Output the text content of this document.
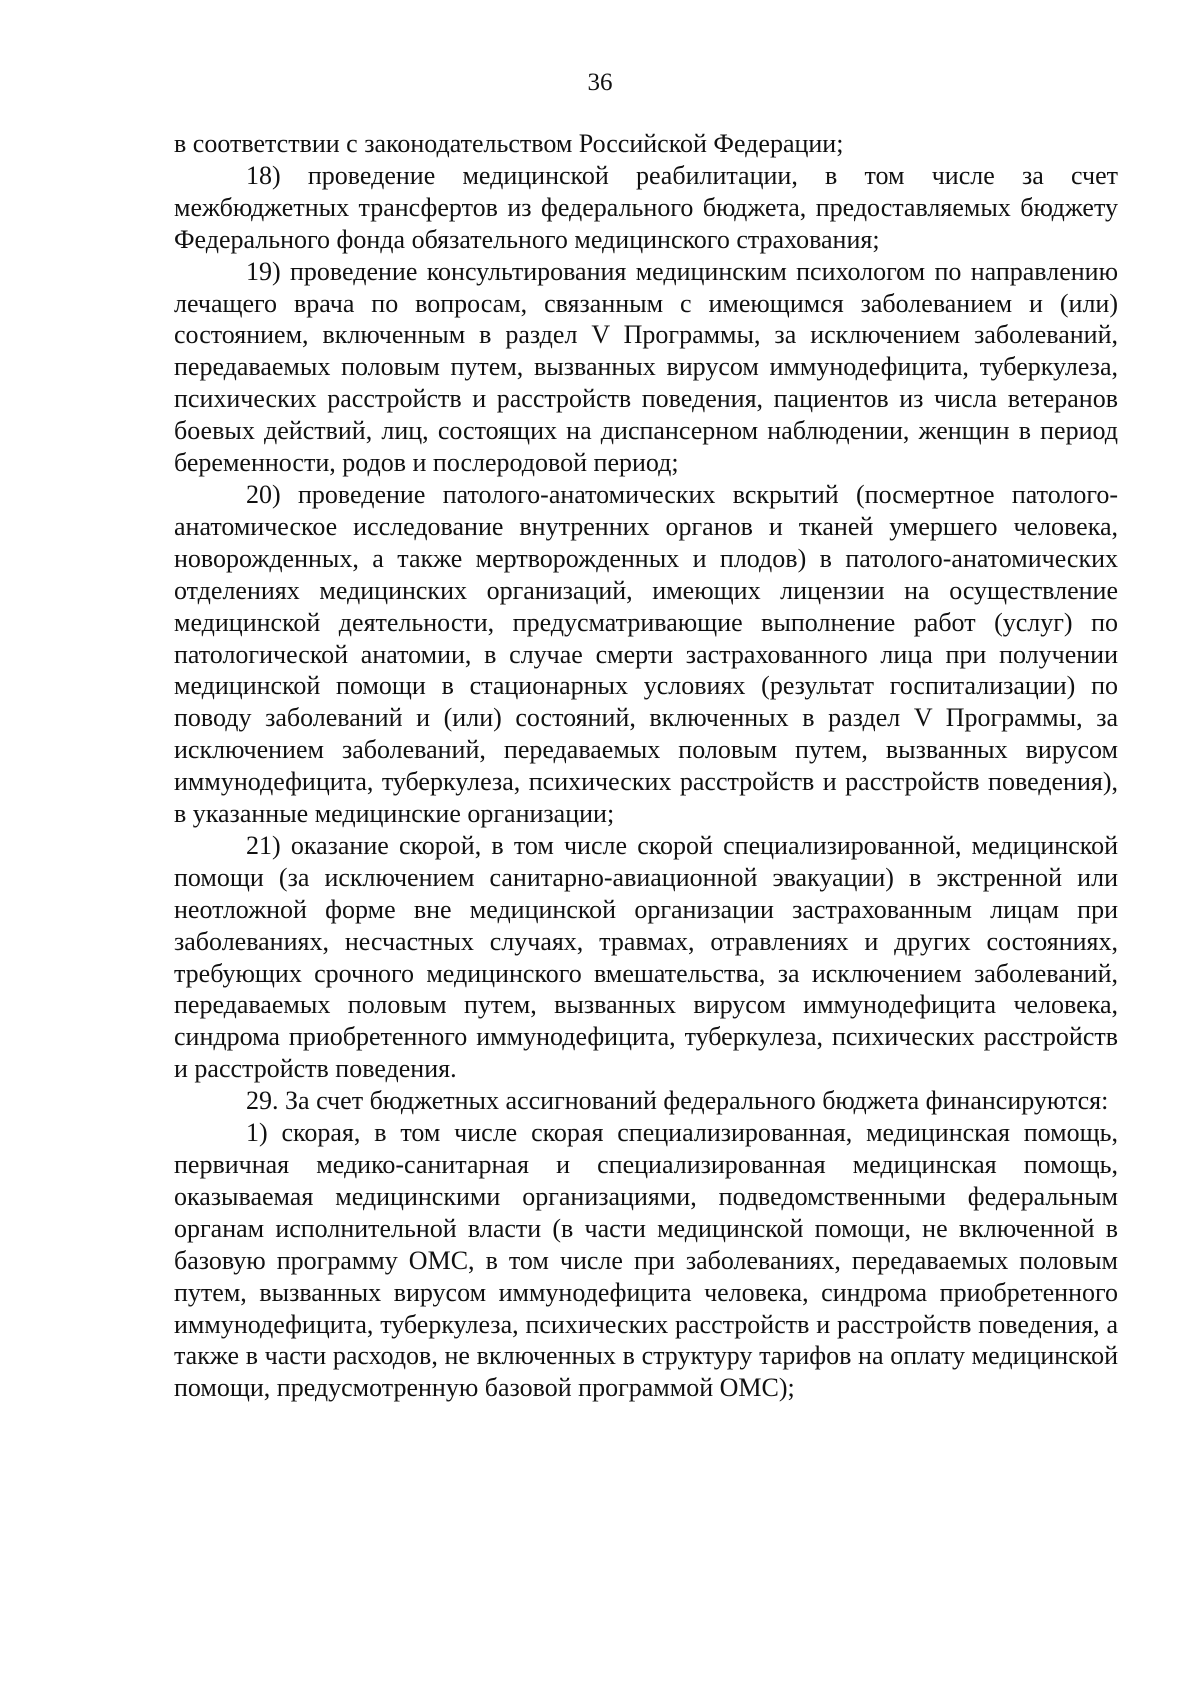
36

в соответствии с законодательством Российской Федерации;

18) проведение медицинской реабилитации, в том числе за счет межбюджетных трансфертов из федерального бюджета, предоставляемых бюджету Федерального фонда обязательного медицинского страхования;

19) проведение консультирования медицинским психологом по направлению лечащего врача по вопросам, связанным с имеющимся заболеванием и (или) состоянием, включенным в раздел V Программы, за исключением заболеваний, передаваемых половым путем, вызванных вирусом иммунодефицита, туберкулеза, психических расстройств и расстройств поведения, пациентов из числа ветеранов боевых действий, лиц, состоящих на диспансерном наблюдении, женщин в период беременности, родов и послеродовой период;

20) проведение патолого-анатомических вскрытий (посмертное патолого-анатомическое исследование внутренних органов и тканей умершего человека, новорожденных, а также мертворожденных и плодов) в патолого-анатомических отделениях медицинских организаций, имеющих лицензии на осуществление медицинской деятельности, предусматривающие выполнение работ (услуг) по патологической анатомии, в случае смерти застрахованного лица при получении медицинской помощи в стационарных условиях (результат госпитализации) по поводу заболеваний и (или) состояний, включенных в раздел V Программы, за исключением заболеваний, передаваемых половым путем, вызванных вирусом иммунодефицита, туберкулеза, психических расстройств и расстройств поведения), в указанные медицинские организации;

21) оказание скорой, в том числе скорой специализированной, медицинской помощи (за исключением санитарно-авиационной эвакуации) в экстренной или неотложной форме вне медицинской организации застрахованным лицам при заболеваниях, несчастных случаях, травмах, отравлениях и других состояниях, требующих срочного медицинского вмешательства, за исключением заболеваний, передаваемых половым путем, вызванных вирусом иммунодефицита человека, синдрома приобретенного иммунодефицита, туберкулеза, психических расстройств и расстройств поведения.

29. За счет бюджетных ассигнований федерального бюджета финансируются:

1) скорая, в том числе скорая специализированная, медицинская помощь, первичная медико-санитарная и специализированная медицинская помощь, оказываемая медицинскими организациями, подведомственными федеральным органам исполнительной власти (в части медицинской помощи, не включенной в базовую программу ОМС, в том числе при заболеваниях, передаваемых половым путем, вызванных вирусом иммунодефицита человека, синдрома приобретенного иммунодефицита, туберкулеза, психических расстройств и расстройств поведения, а также в части расходов, не включенных в структуру тарифов на оплату медицинской помощи, предусмотренную базовой программой ОМС);
